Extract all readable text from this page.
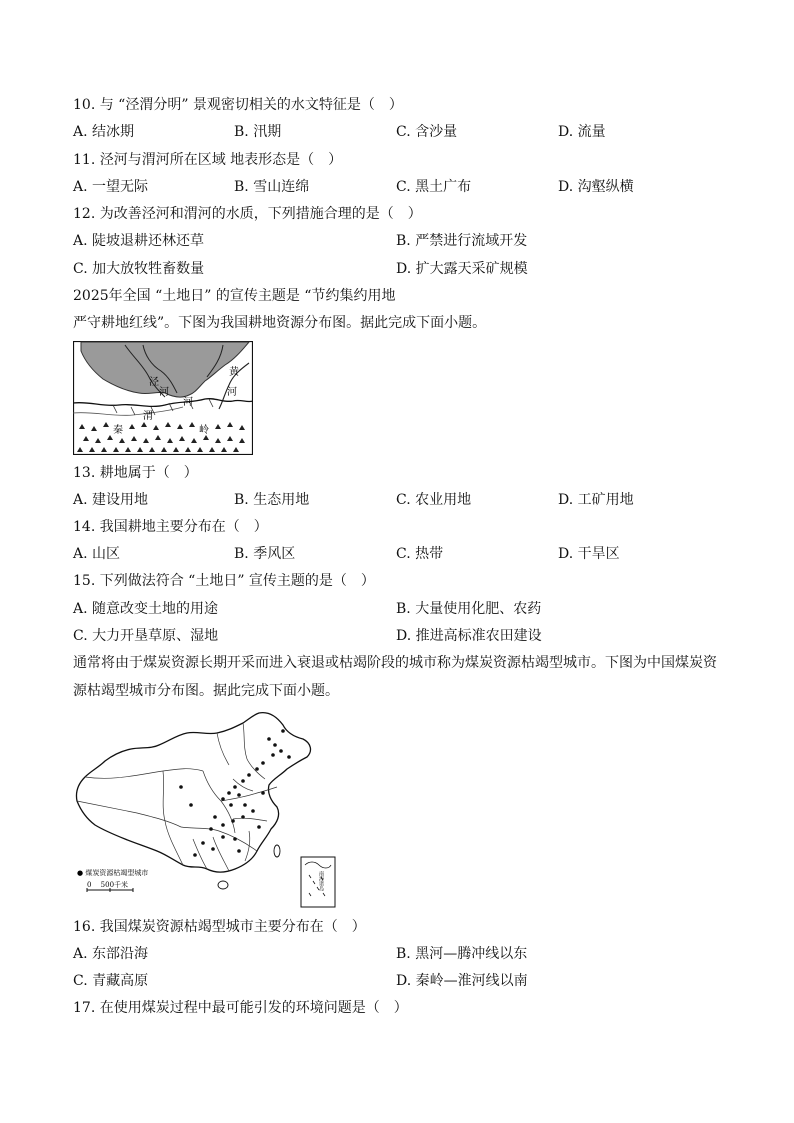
10. 与 “泾渭分明” 景观密切相关的水文特征是（　）
A. 结冰期	B. 汛期	C. 含沙量	D. 流量
11. 泾河与渭河所在区域 地表形态是（　）
A. 一望无际	B. 雪山连绵	C. 黑土广布	D. 沟壑纵横
12. 为改善泾河和渭河的水质，下列措施合理的是（　）
A. 陡坡退耕还林还草	B. 严禁进行流域开发
C. 加大放牧牲畜数量	D. 扩大露天采矿规模
2025年全国 “土地日” 的宣传主题是 “节约集约用地
严守耕地红线”。下图为我国耕地资源分布图。据此完成下面小题。
泾
河
渭
河
秦	岭
黄
河
13. 耕地属于（　）
A. 建设用地	B. 生态用地	C. 农业用地	D. 工矿用地
14. 我国耕地主要分布在（　）
A. 山区	B. 季风区	C. 热带	D. 干旱区
15. 下列做法符合 “土地日” 宣传主题的是（　）
A. 随意改变土地的用途	B. 大量使用化肥、农药
C. 大力开垦草原、湿地	D. 推进高标准农田建设
通常将由于煤炭资源长期开采而进入衰退或枯竭阶段的城市称为煤炭资源枯竭型城市。下图为中国煤炭资
源枯竭型城市分布图。据此完成下面小题。
● 煤炭资源枯竭型城市
0　 500千米	南海诸岛
16. 我国煤炭资源枯竭型城市主要分布在（　）
A. 东部沿海	B. 黑河—腾冲线以东
C. 青藏高原	D. 秦岭—淮河线以南
17. 在使用煤炭过程中最可能引发的环境问题是（　）
